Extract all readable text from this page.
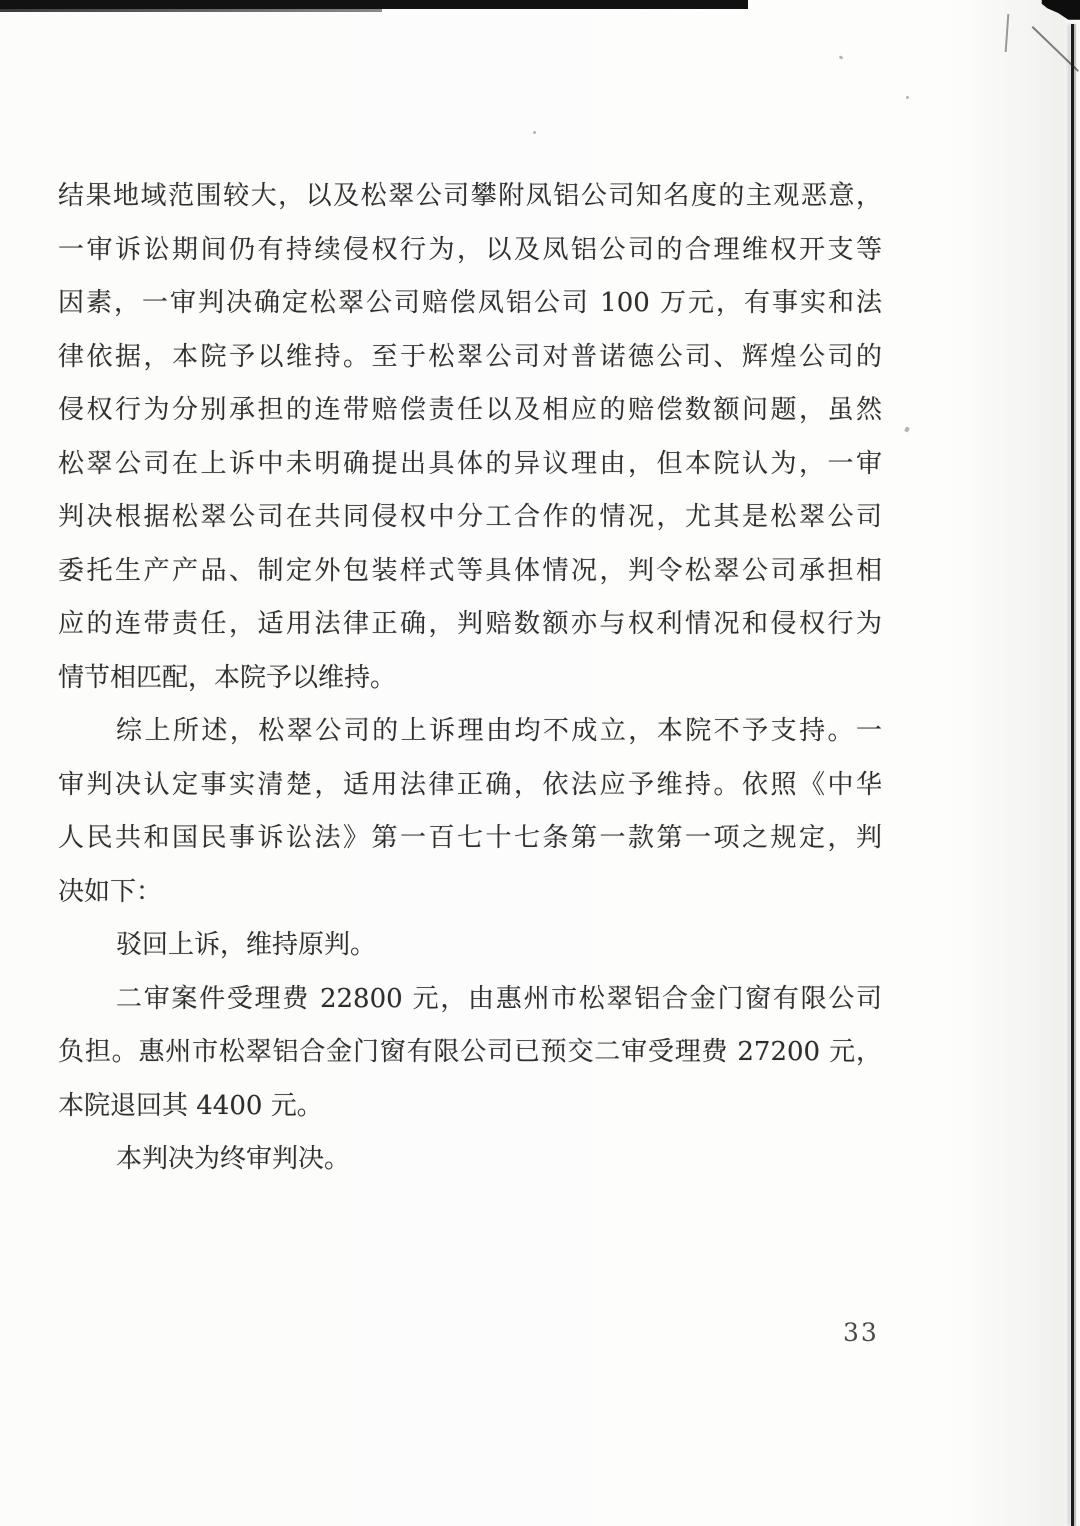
结果地域范围较大，以及松翠公司攀附凤铝公司知名度的主观恶意，
一审诉讼期间仍有持续侵权行为，以及凤铝公司的合理维权开支等
因素，一审判决确定松翠公司赔偿凤铝公司 100 万元，有事实和法
律依据，本院予以维持。至于松翠公司对普诺德公司、辉煌公司的
侵权行为分别承担的连带赔偿责任以及相应的赔偿数额问题，虽然
松翠公司在上诉中未明确提出具体的异议理由，但本院认为，一审
判决根据松翠公司在共同侵权中分工合作的情况，尤其是松翠公司
委托生产产品、制定外包装样式等具体情况，判令松翠公司承担相
应的连带责任，适用法律正确，判赔数额亦与权利情况和侵权行为
情节相匹配，本院予以维持。
综上所述，松翠公司的上诉理由均不成立，本院不予支持。一
审判决认定事实清楚，适用法律正确，依法应予维持。依照《中华
人民共和国民事诉讼法》第一百七十七条第一款第一项之规定，判
决如下：
驳回上诉，维持原判。
二审案件受理费 22800 元，由惠州市松翠铝合金门窗有限公司
负担。惠州市松翠铝合金门窗有限公司已预交二审受理费 27200 元，
本院退回其 4400 元。
本判决为终审判决。
33
